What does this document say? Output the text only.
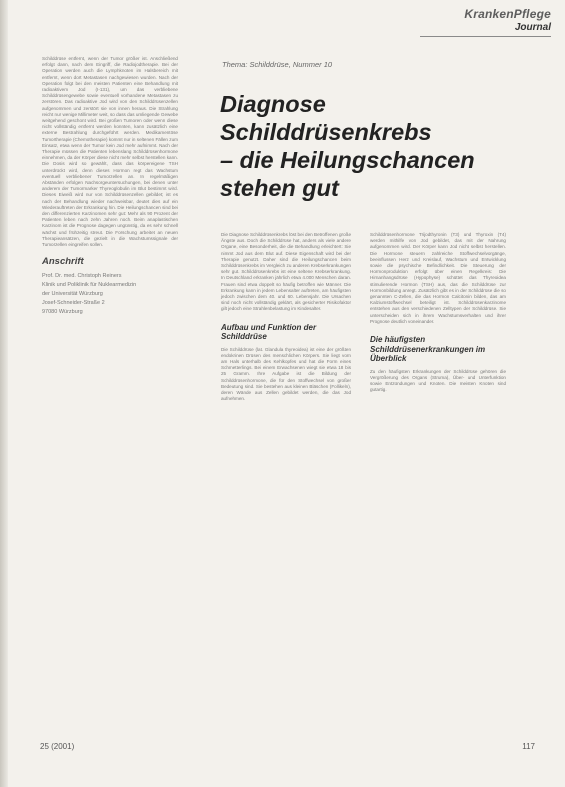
KrankenPflege
Journal

Schilddrüse entfernt, wenn der Tumor größer ist. Anschließend erfolgt dann, nach dem Eingriff, die Radiojodtherapie. Bei der Operation werden auch die Lymphknoten im Halsbereich mit entfernt, wenn dort Metastasen nachgewiesen wurden. Nach der Operation folgt bei den meisten Patienten eine Behandlung mit radioaktivem Jod (I-131), um das verbliebene Schilddrüsengewebe sowie eventuell vorhandene Metastasen zu zerstören. Das radioaktive Jod wird von den Schilddrüsenzellen aufgenommen und zerstört sie von innen heraus. Die Strahlung reicht nur wenige Millimeter weit, so dass das umliegende Gewebe weitgehend geschont wird. Bei großen Tumoren oder wenn diese nicht vollständig entfernt werden konnten, kann zusätzlich eine externe Bestrahlung durchgeführt werden. Medikamentöse Tumortherapie (Chemotherapie) kommt nur in seltenen Fällen zum Einsatz, etwa wenn der Tumor kein Jod mehr aufnimmt. Nach der Therapie müssen die Patienten lebenslang Schilddrüsenhormone einnehmen, da der Körper diese nicht mehr selbst herstellen kann. Die Dosis wird so gewählt, dass das körpereigene TSH unterdrückt wird, denn dieses Hormon regt das Wachstum eventuell verbliebener Tumorzellen an. In regelmäßigen Abständen erfolgen Nachsorgeuntersuchungen, bei denen unter anderem der Tumormarker Thyreoglobulin im Blut bestimmt wird. Dieses Eiweiß wird nur von Schilddrüsenzellen gebildet; ist es nach der Behandlung wieder nachweisbar, deutet dies auf ein Wiederauftreten der Erkrankung hin. Die Heilungschancen sind bei den differenzierten Karzinomen sehr gut: Mehr als 90 Prozent der Patienten leben nach zehn Jahren noch. Beim anaplastischen Karzinom ist die Prognose dagegen ungünstig, da es sehr schnell wächst und frühzeitig streut. Die Forschung arbeitet an neuen Therapieansätzen, die gezielt in die Wachstumssignale der Tumorzellen eingreifen sollen.

Anschrift
Prof. Dr. med. Christoph Reiners
Klinik und Poliklinik für Nuklearmedizin
der Universität Würzburg
Josef-Schneider-Straße 2
97080 Würzburg
Thema: Schilddrüse, Nummer 10
Diagnose
Schilddrüsenkrebs
– die Heilungschancen
stehen gut

Die Diagnose Schilddrüsenkrebs löst bei den Betroffenen große Ängste aus. Doch die Schilddrüse hat, anders als viele andere Organe, eine Besonderheit, die die Behandlung erleichtert: Sie nimmt Jod aus dem Blut auf. Diese Eigenschaft wird bei der Therapie genutzt. Daher sind die Heilungschancen beim Schilddrüsenkrebs im Vergleich zu anderen Krebserkrankungen sehr gut. Schilddrüsenkrebs ist eine seltene Krebserkrankung. In Deutschland erkranken jährlich etwa 4.000 Menschen daran. Frauen sind etwa doppelt so häufig betroffen wie Männer. Die Erkrankung kann in jedem Lebensalter auftreten, am häufigsten jedoch zwischen dem 40. und 60. Lebensjahr. Die Ursachen sind noch nicht vollständig geklärt, als gesicherter Risikofaktor gilt jedoch eine Strahlenbelastung im Kindesalter.

Aufbau und Funktion der Schilddrüse

Die Schilddrüse (lat. Glandula thyreoidea) ist eine der größten endokrinen Drüsen des menschlichen Körpers. Sie liegt vorn am Hals unterhalb des Kehlkopfes und hat die Form eines Schmetterlings. Bei einem Erwachsenen wiegt sie etwa 18 bis 25 Gramm. Ihre Aufgabe ist die Bildung der Schilddrüsenhormone, die für den Stoffwechsel von großer Bedeutung sind. Sie bestehen aus kleinen Bläschen (Follikeln), deren Wände aus Zellen gebildet werden, die das Jod aufnehmen.

Schilddrüsenhormone Trijodthyronin (T3) und Thyroxin (T4) werden mithilfe von Jod gebildet, das mit der Nahrung aufgenommen wird. Der Körper kann Jod nicht selbst herstellen. Die Hormone steuern zahlreiche Stoffwechselvorgänge, beeinflussen Herz und Kreislauf, Wachstum und Entwicklung sowie die psychische Befindlichkeit. Die Steuerung der Hormonproduktion erfolgt über einen Regelkreis: Die Hirnanhangsdrüse (Hypophyse) schüttet das Thyreoidea stimulierende Hormon (TSH) aus, das die Schilddrüse zur Hormonbildung anregt. Zusätzlich gibt es in der Schilddrüse die so genannten C-Zellen, die das Hormon Calcitonin bilden, das am Kalziumstoffwechsel beteiligt ist. Schilddrüsenkarzinome entstehen aus den verschiedenen Zelltypen der Schilddrüse. Sie unterscheiden sich in ihrem Wachstumsverhalten und ihrer Prognose deutlich voneinander.

Die häufigsten Schilddrüsenerkrankungen im Überblick

Zu den häufigsten Erkrankungen der Schilddrüse gehören die Vergrößerung des Organs (Struma), Über- und Unterfunktion sowie Entzündungen und Knoten. Die meisten Knoten sind gutartig.

25 (2001)	117
